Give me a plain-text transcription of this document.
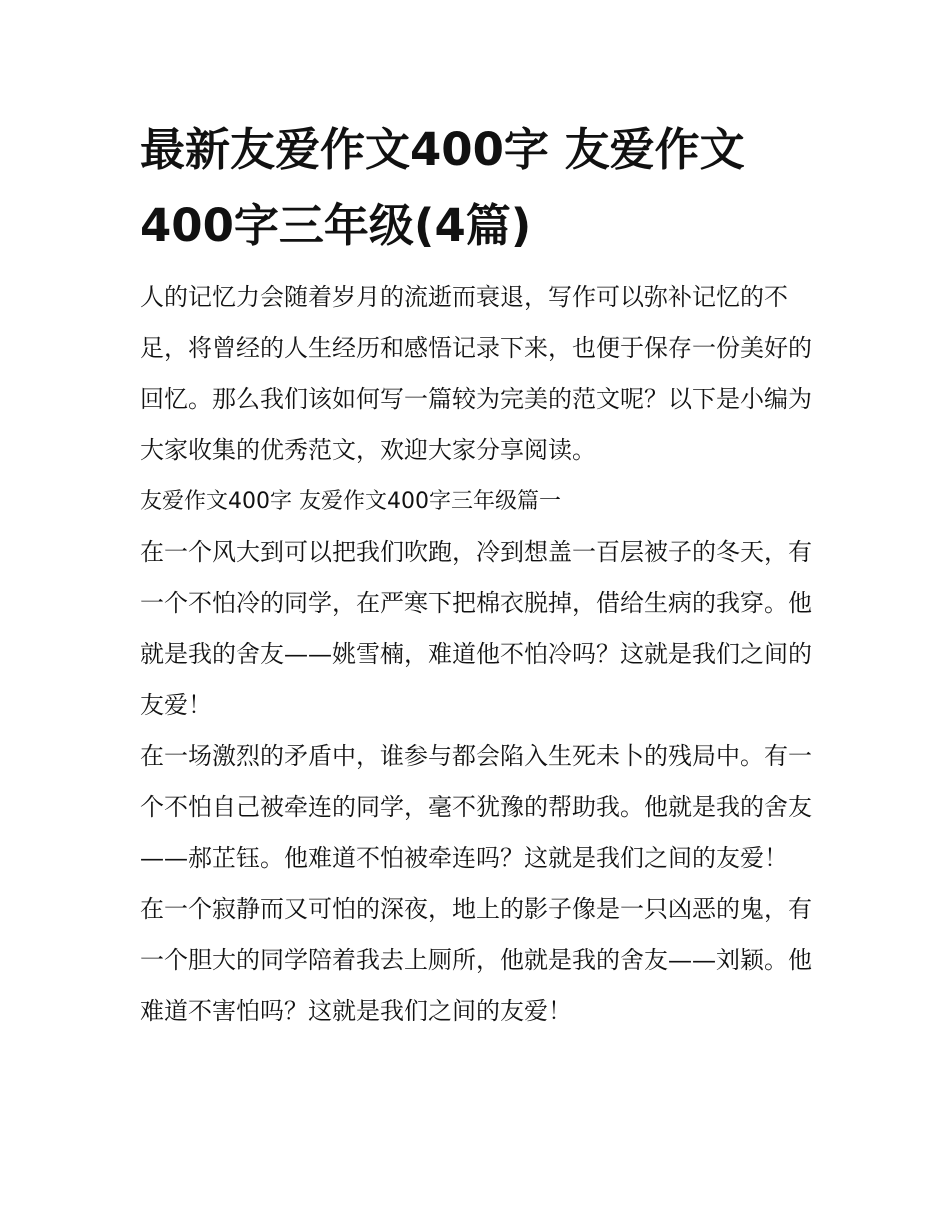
最新友爱作文400字 友爱作文400字三年级(4篇)

人的记忆力会随着岁月的流逝而衰退，写作可以弥补记忆的不足，将曾经的人生经历和感悟记录下来，也便于保存一份美好的回忆。那么我们该如何写一篇较为完美的范文呢？以下是小编为大家收集的优秀范文，欢迎大家分享阅读。

友爱作文400字 友爱作文400字三年级篇一

在一个风大到可以把我们吹跑，冷到想盖一百层被子的冬天，有一个不怕冷的同学，在严寒下把棉衣脱掉，借给生病的我穿。他就是我的舍友——姚雪楠，难道他不怕冷吗？这就是我们之间的友爱！

在一场激烈的矛盾中，谁参与都会陷入生死未卜的残局中。有一个不怕自己被牵连的同学，毫不犹豫的帮助我。他就是我的舍友——郝芷钰。他难道不怕被牵连吗？这就是我们之间的友爱！

在一个寂静而又可怕的深夜，地上的影子像是一只凶恶的鬼，有一个胆大的同学陪着我去上厕所，他就是我的舍友——刘颖。他难道不害怕吗？这就是我们之间的友爱！
